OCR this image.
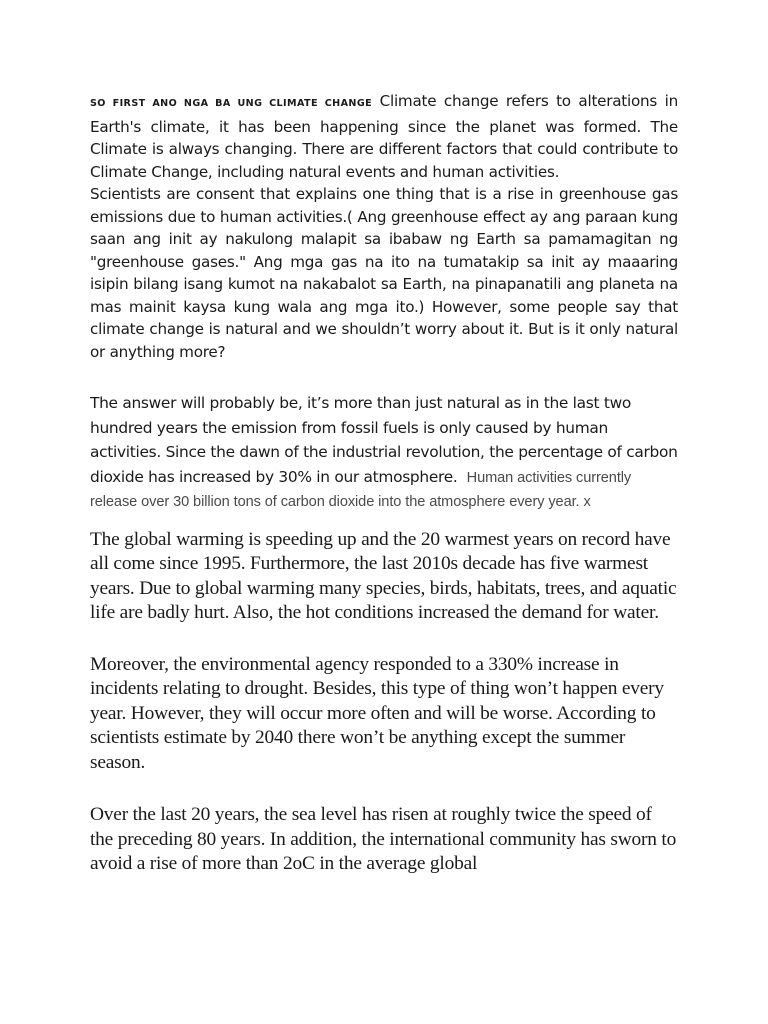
SO FIRST ANO NGA BA UNG CLIMATE CHANGE Climate change refers to alterations in Earth's climate, it has been happening since the planet was formed. The Climate is always changing. There are different factors that could contribute to Climate Change, including natural events and human activities.

Scientists are consent that explains one thing that is a rise in greenhouse gas emissions due to human activities.( Ang greenhouse effect ay ang paraan kung saan ang init ay nakulong malapit sa ibabaw ng Earth sa pamamagitan ng "greenhouse gases." Ang mga gas na ito na tumatakip sa init ay maaaring isipin bilang isang kumot na nakabalot sa Earth, na pinapanatili ang planeta na mas mainit kaysa kung wala ang mga ito.) However, some people say that climate change is natural and we shouldn’t worry about it. But is it only natural or anything more?

The answer will probably be, it’s more than just natural as in the last two hundred years the emission from fossil fuels is only caused by human activities. Since the dawn of the industrial revolution, the percentage of carbon dioxide has increased by 30% in our atmosphere. Human activities currently release over 30 billion tons of carbon dioxide into the atmosphere every year. x

The global warming is speeding up and the 20 warmest years on record have all come since 1995. Furthermore, the last 2010s decade has five warmest years. Due to global warming many species, birds, habitats, trees, and aquatic life are badly hurt. Also, the hot conditions increased the demand for water.

Moreover, the environmental agency responded to a 330% increase in incidents relating to drought. Besides, this type of thing won’t happen every year. However, they will occur more often and will be worse. According to scientists estimate by 2040 there won’t be anything except the summer season.

Over the last 20 years, the sea level has risen at roughly twice the speed of the preceding 80 years. In addition, the international community has sworn to avoid a rise of more than 2oC in the average global
